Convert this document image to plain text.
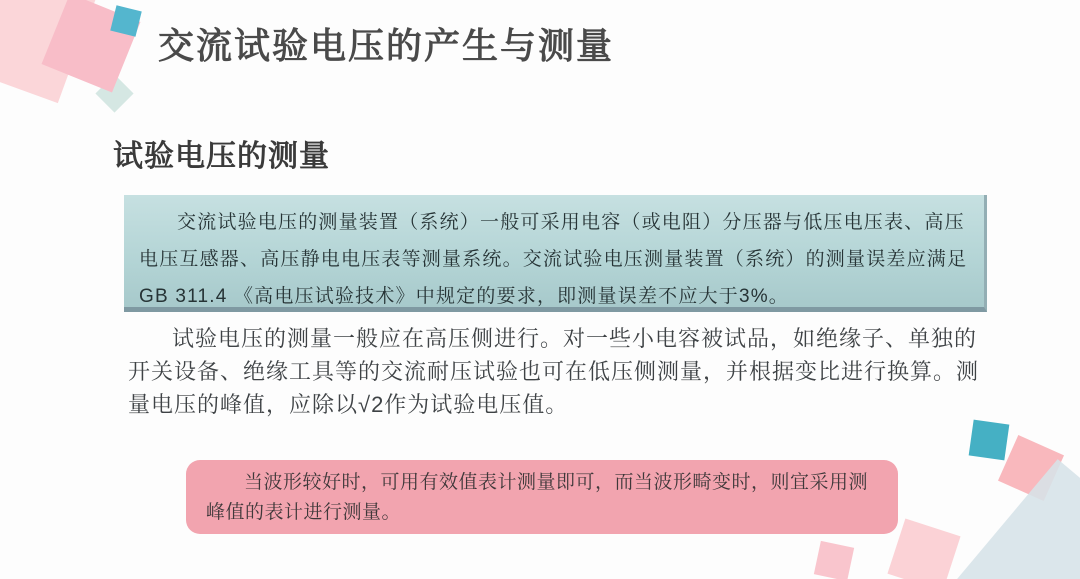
交流试验电压的产生与测量
试验电压的测量

交流试验电压的测量装置（系统）一般可采用电容（或电阻）分压器与低压电压表、高压电压互感器、高压静电电压表等测量系统。交流试验电压测量装置（系统）的测量误差应满足GB 311.4 《高电压试验技术》中规定的要求，即测量误差不应大于3%。

试验电压的测量一般应在高压侧进行。对一些小电容被试品，如绝缘子、单独的开关设备、绝缘工具等的交流耐压试验也可在低压侧测量，并根据变比进行换算。测量电压的峰值，应除以√2作为试验电压值。

当波形较好时，可用有效值表计测量即可，而当波形畸变时，则宜采用测峰值的表计进行测量。
